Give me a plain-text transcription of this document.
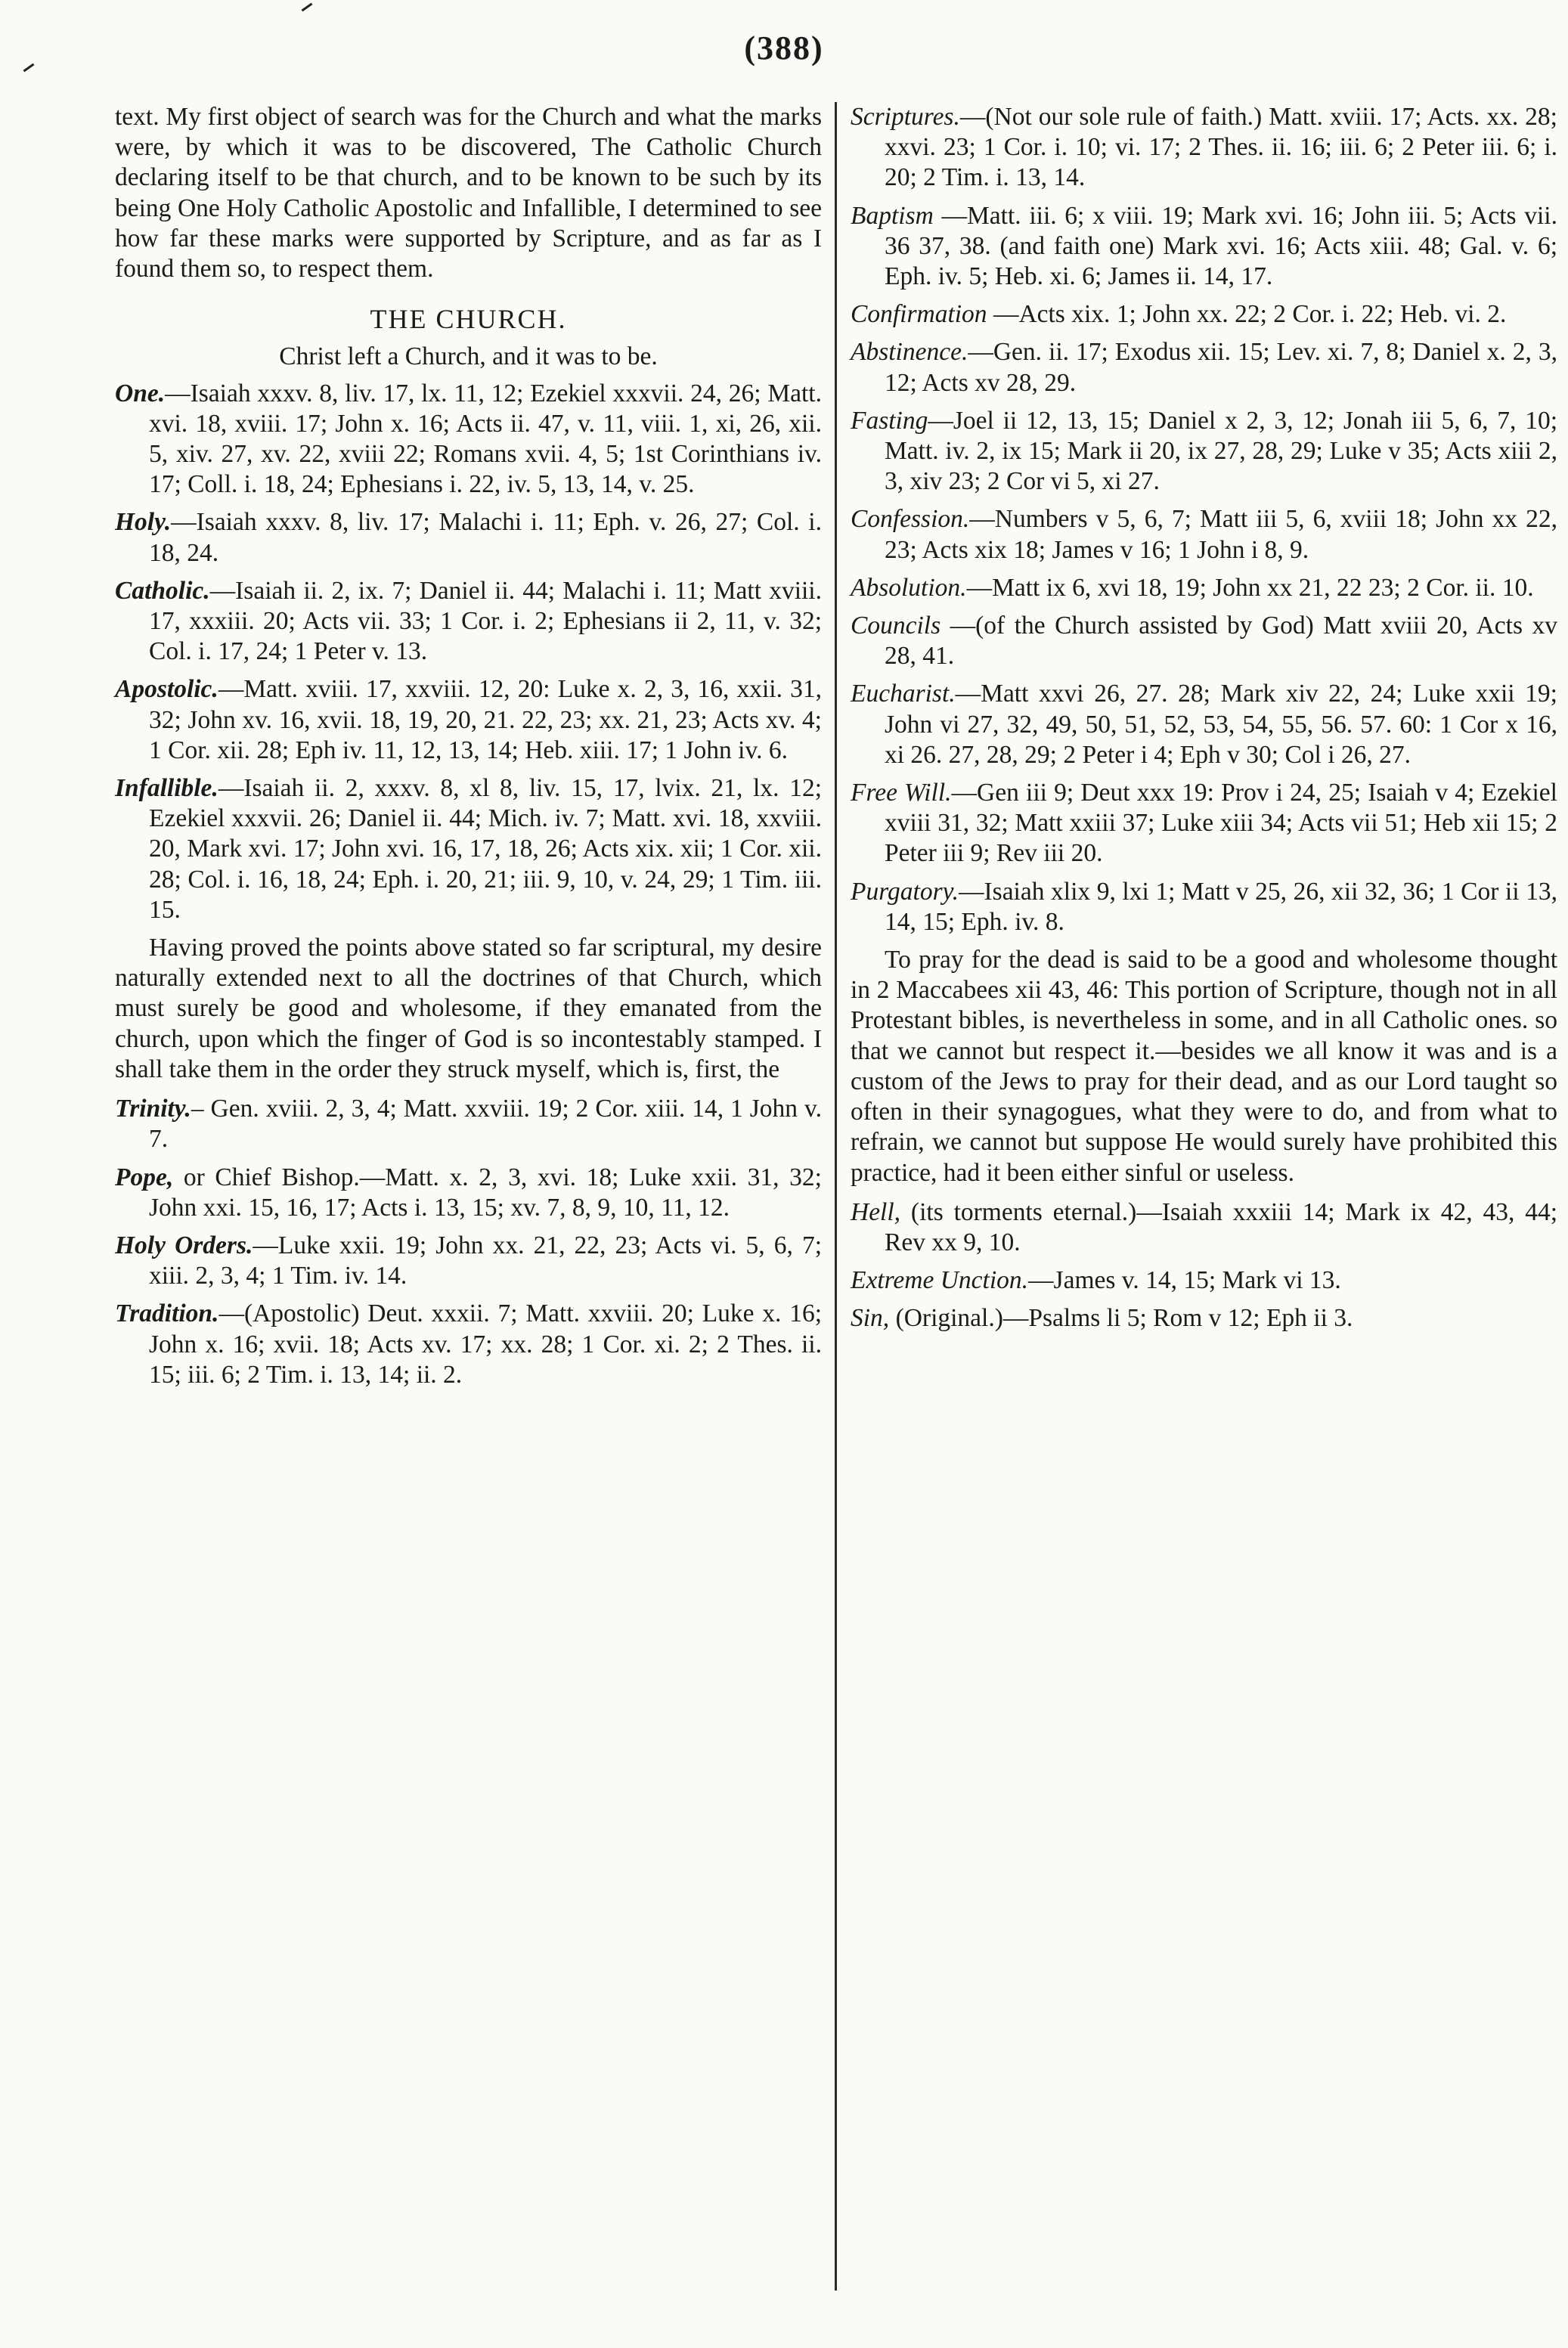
(388)

text. My first object of search was for the Church and what the marks were, by which it was to be discovered, The Catholic Church declaring itself to be that church, and to be known to be such by its being One Holy Catholic Apostolic and Infallible, I determined to see how far these marks were supported by Scripture, and as far as I found them so, to respect them.

THE CHURCH.
Christ left a Church, and it was to be.

One.—Isaiah xxxv. 8, liv. 17, lx. 11, 12; Ezekiel xxxvii. 24, 26; Matt. xvi. 18, xviii. 17; John x. 16; Acts ii. 47, v. 11, viii. 1, xi, 26, xii. 5, xiv. 27, xv. 22, xviii 22; Romans xvii. 4, 5; 1st Corinthians iv. 17; Coll. i. 18, 24; Ephesians i. 22, iv. 5, 13, 14, v. 25.

Holy.—Isaiah xxxv. 8, liv. 17; Malachi i. 11; Eph. v. 26, 27; Col. i. 18, 24.

Catholic.—Isaiah ii. 2, ix. 7; Daniel ii. 44; Malachi i. 11; Matt xviii. 17, xxxiii. 20; Acts vii. 33; 1 Cor. i. 2; Ephesians ii 2, 11, v. 32; Col. i. 17, 24; 1 Peter v. 13.

Apostolic.—Matt. xviii. 17, xxviii. 12, 20: Luke x. 2, 3, 16, xxii. 31, 32; John xv. 16, xvii. 18, 19, 20, 21. 22, 23; xx. 21, 23; Acts xv. 4; 1 Cor. xii. 28; Eph iv. 11, 12, 13, 14; Heb. xiii. 17; 1 John iv. 6.

Infallible.—Isaiah ii. 2, xxxv. 8, xl 8, liv. 15, 17, lvix. 21, lx. 12; Ezekiel xxxvii. 26; Daniel ii. 44; Mich. iv. 7; Matt. xvi. 18, xxviii. 20, Mark xvi. 17; John xvi. 16, 17, 18, 26; Acts xix. xii; 1 Cor. xii. 28; Col. i. 16, 18, 24; Eph. i. 20, 21; iii. 9, 10, v. 24, 29; 1 Tim. iii. 15.

Having proved the points above stated so far scriptural, my desire naturally extended next to all the doctrines of that Church, which must surely be good and wholesome, if they emanated from the church, upon which the finger of God is so incontestably stamped. I shall take them in the order they struck myself, which is, first, the

Trinity.– Gen. xviii. 2, 3, 4; Matt. xxviii. 19; 2 Cor. xiii. 14, 1 John v. 7.

Pope, or Chief Bishop.—Matt. x. 2, 3, xvi. 18; Luke xxii. 31, 32; John xxi. 15, 16, 17; Acts i. 13, 15; xv. 7, 8, 9, 10, 11, 12.

Holy Orders.—Luke xxii. 19; John xx. 21, 22, 23; Acts vi. 5, 6, 7; xiii. 2, 3, 4; 1 Tim. iv. 14.

Tradition.—(Apostolic) Deut. xxxii. 7; Matt. xxviii. 20; Luke x. 16; John x. 16; xvii. 18; Acts xv. 17; xx. 28; 1 Cor. xi. 2; 2 Thes. ii. 15; iii. 6; 2 Tim. i. 13, 14; ii. 2.

Scriptures.—(Not our sole rule of faith.) Matt. xviii. 17; Acts. xx. 28; xxvi. 23; 1 Cor. i. 10; vi. 17; 2 Thes. ii. 16; iii. 6; 2 Peter iii. 6; i. 20; 2 Tim. i. 13, 14.

Baptism —Matt. iii. 6; x viii. 19; Mark xvi. 16; John iii. 5; Acts vii. 36 37, 38. (and faith one) Mark xvi. 16; Acts xiii. 48; Gal. v. 6; Eph. iv. 5; Heb. xi. 6; James ii. 14, 17.

Confirmation —Acts xix. 1; John xx. 22; 2 Cor. i. 22; Heb. vi. 2.

Abstinence.—Gen. ii. 17; Exodus xii. 15; Lev. xi. 7, 8; Daniel x. 2, 3, 12; Acts xv 28, 29.

Fasting—Joel ii 12, 13, 15; Daniel x 2, 3, 12; Jonah iii 5, 6, 7, 10; Matt. iv. 2, ix 15; Mark ii 20, ix 27, 28, 29; Luke v 35; Acts xiii 2, 3, xiv 23; 2 Cor vi 5, xi 27.

Confession.—Numbers v 5, 6, 7; Matt iii 5, 6, xviii 18; John xx 22, 23; Acts xix 18; James v 16; 1 John i 8, 9.

Absolution.—Matt ix 6, xvi 18, 19; John xx 21, 22 23; 2 Cor. ii. 10.

Councils —(of the Church assisted by God) Matt xviii 20, Acts xv 28, 41.

Eucharist.—Matt xxvi 26, 27. 28; Mark xiv 22, 24; Luke xxii 19; John vi 27, 32, 49, 50, 51, 52, 53, 54, 55, 56. 57. 60: 1 Cor x 16, xi 26. 27, 28, 29; 2 Peter i 4; Eph v 30; Col i 26, 27.

Free Will.—Gen iii 9; Deut xxx 19: Prov i 24, 25; Isaiah v 4; Ezekiel xviii 31, 32; Matt xxiii 37; Luke xiii 34; Acts vii 51; Heb xii 15; 2 Peter iii 9; Rev iii 20.

Purgatory.—Isaiah xlix 9, lxi 1; Matt v 25, 26, xii 32, 36; 1 Cor ii 13, 14, 15; Eph. iv. 8.

To pray for the dead is said to be a good and wholesome thought in 2 Maccabees xii 43, 46: This portion of Scripture, though not in all Protestant bibles, is nevertheless in some, and in all Catholic ones. so that we cannot but respect it.—besides we all know it was and is a custom of the Jews to pray for their dead, and as our Lord taught so often in their synagogues, what they were to do, and from what to refrain, we cannot but suppose He would surely have prohibited this practice, had it been either sinful or useless.

Hell, (its torments eternal.)—Isaiah xxxiii 14; Mark ix 42, 43, 44; Rev xx 9, 10.

Extreme Unction.—James v. 14, 15; Mark vi 13.

Sin, (Original.)—Psalms li 5; Rom v 12; Eph ii 3.
